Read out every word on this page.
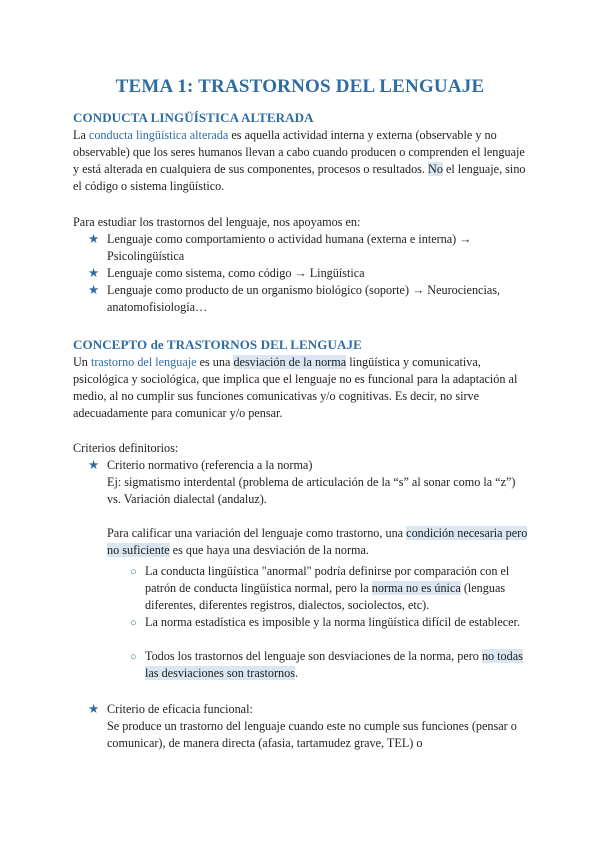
TEMA 1: TRASTORNOS DEL LENGUAJE
CONDUCTA LINGÜÍSTICA ALTERADA

La conducta lingüística alterada es aquella actividad interna y externa (observable y no observable) que los seres humanos llevan a cabo cuando producen o comprenden el lenguaje y está alterada en cualquiera de sus componentes, procesos o resultados. No el lenguaje, sino el código o sistema lingüístico.

Para estudiar los trastornos del lenguaje, nos apoyamos en:

★ Lenguaje como comportamiento o actividad humana (externa e interna) → Psicolingüística
★ Lenguaje como sistema, como código → Lingüística
★ Lenguaje como producto de un organismo biológico (soporte) → Neurociencias, anatomofisiología…
CONCEPTO de TRASTORNOS DEL LENGUAJE

Un trastorno del lenguaje es una desviación de la norma lingüística y comunicativa, psicológica y sociológica, que implica que el lenguaje no es funcional para la adaptación al medio, al no cumplir sus funciones comunicativas y/o cognitivas. Es decir, no sirve adecuadamente para comunicar y/o pensar.

Criterios definitorios:

★ Criterio normativo (referencia a la norma)

Ej: sigmatismo interdental (problema de articulación de la “s” al sonar como la “z”) vs. Variación dialectal (andaluz).

Para calificar una variación del lenguaje como trastorno, una condición necesaria pero no suficiente es que haya una desviación de la norma.

○ La conducta lingüística "anormal" podría definirse por comparación con el patrón de conducta lingüística normal, pero la norma no es única (lenguas diferentes, diferentes registros, dialectos, sociolectos, etc).
○ La norma estadística es imposible y la norma lingüística difícil de establecer.
○ Todos los trastornos del lenguaje son desviaciones de la norma, pero no todas las desviaciones son trastornos.
★ Criterio de eficacia funcional:

Se produce un trastorno del lenguaje cuando este no cumple sus funciones (pensar o comunicar), de manera directa (afasia, tartamudez grave, TEL) o
